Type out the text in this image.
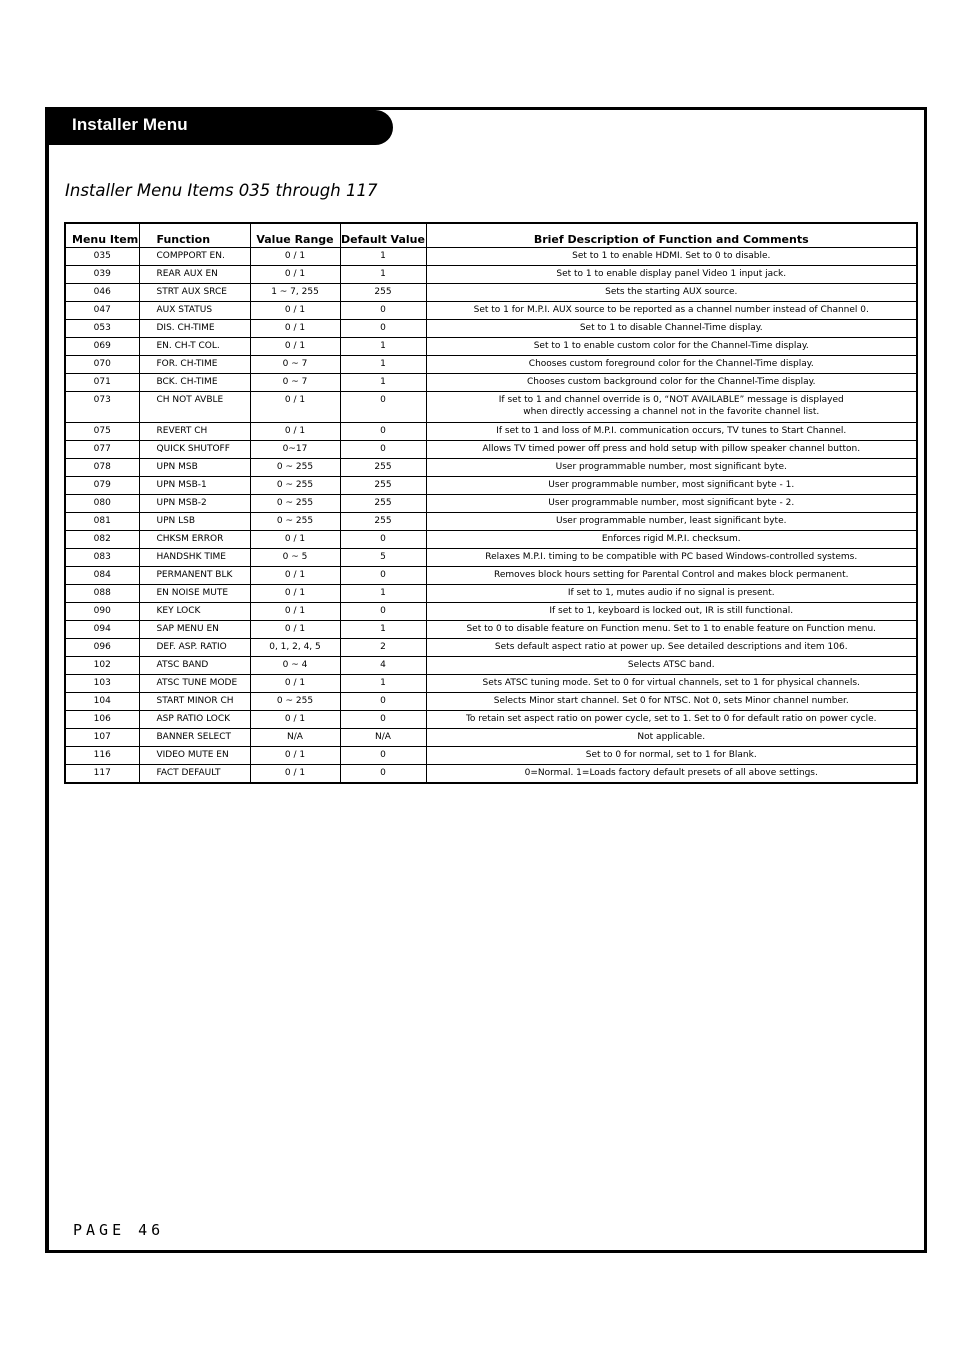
Installer Menu
Installer Menu Items 035 through 117
Menu Item	Function	Value Range	Default Value	Brief Description of Function and Comments
035	COMPPORT EN.	0 / 1	1	Set to 1 to enable HDMI. Set to 0 to disable.
039	REAR AUX EN	0 / 1	1	Set to 1 to enable display panel Video 1 input jack.
046	STRT AUX SRCE	1 ~ 7, 255	255	Sets the starting AUX source.
047	AUX STATUS	0 / 1	0	Set to 1 for M.P.I. AUX source to be reported as a channel number instead of Channel 0.
053	DIS. CH-TIME	0 / 1	0	Set to 1 to disable Channel-Time display.
069	EN. CH-T COL.	0 / 1	1	Set to 1 to enable custom color for the Channel-Time display.
070	FOR. CH-TIME	0 ~ 7	1	Chooses custom foreground color for the Channel-Time display.
071	BCK. CH-TIME	0 ~ 7	1	Chooses custom background color for the Channel-Time display.
073	CH NOT AVBLE	0 / 1	0	If set to 1 and channel override is 0, “NOT AVAILABLE” message is displayed
when directly accessing a channel not in the favorite channel list.
075	REVERT CH	0 / 1	0	If set to 1 and loss of M.P.I. communication occurs, TV tunes to Start Channel.
077	QUICK SHUTOFF	0~17	0	Allows TV timed power off press and hold setup with pillow speaker channel button.
078	UPN MSB	0 ~ 255	255	User programmable number, most significant byte.
079	UPN MSB-1	0 ~ 255	255	User programmable number, most significant byte - 1.
080	UPN MSB-2	0 ~ 255	255	User programmable number, most significant byte - 2.
081	UPN LSB	0 ~ 255	255	User programmable number, least significant byte.
082	CHKSM ERROR	0 / 1	0	Enforces rigid M.P.I. checksum.
083	HANDSHK TIME	0 ~ 5	5	Relaxes M.P.I. timing to be compatible with PC based Windows-controlled systems.
084	PERMANENT BLK	0 / 1	0	Removes block hours setting for Parental Control and makes block permanent.
088	EN NOISE MUTE	0 / 1	1	If set to 1, mutes audio if no signal is present.
090	KEY LOCK	0 / 1	0	If set to 1, keyboard is locked out, IR is still functional.
094	SAP MENU EN	0 / 1	1	Set to 0 to disable feature on Function menu. Set to 1 to enable feature on Function menu.
096	DEF. ASP. RATIO	0, 1, 2, 4, 5	2	Sets default aspect ratio at power up. See detailed descriptions and item 106.
102	ATSC BAND	0 ~ 4	4	Selects ATSC band.
103	ATSC TUNE MODE	0 / 1	1	Sets ATSC tuning mode. Set to 0 for virtual channels, set to 1 for physical channels.
104	START MINOR CH	0 ~ 255	0	Selects Minor start channel. Set 0 for NTSC. Not 0, sets Minor channel number.
106	ASP RATIO LOCK	0 / 1	0	To retain set aspect ratio on power cycle, set to 1. Set to 0 for default ratio on power cycle.
107	BANNER SELECT	N/A	N/A	Not applicable.
116	VIDEO MUTE EN	0 / 1	0	Set to 0 for normal, set to 1 for Blank.
117	FACT DEFAULT	0 / 1	0	0=Normal. 1=Loads factory default presets of all above settings.
PAGE 46
